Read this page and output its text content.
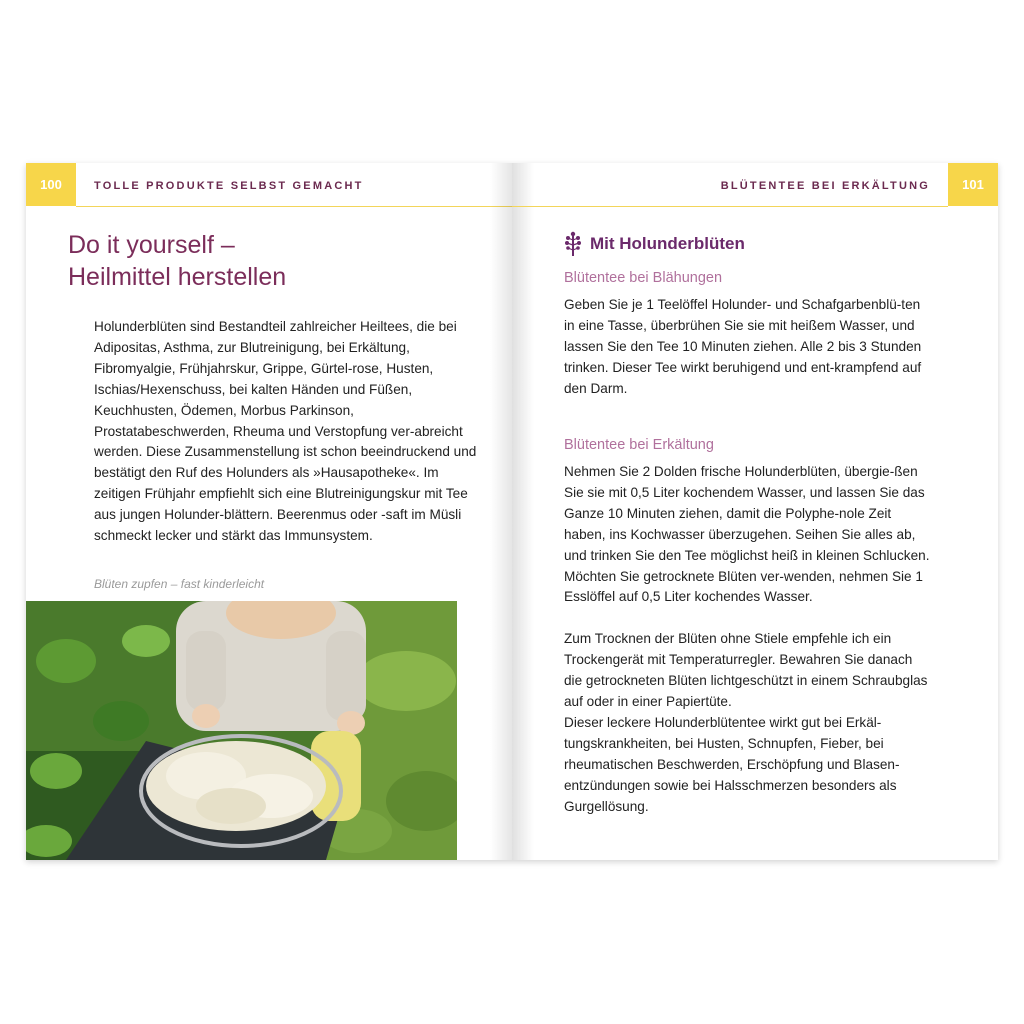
100	TOLLE PRODUKTE SELBST GEMACHT
Do it yourself –
Heilmittel herstellen

Holunderblüten sind Bestandteil zahlreicher Heiltees, die bei Adipositas, Asthma, zur Blutreinigung, bei Erkältung, Fibromyalgie, Frühjahrskur, Grippe, Gürtel-rose, Husten, Ischias/Hexenschuss, bei kalten Händen und Füßen, Keuchhusten, Ödemen, Morbus Parkinson, Prostatabeschwerden, Rheuma und Verstopfung ver-abreicht werden. Diese Zusammenstellung ist schon beeindruckend und bestätigt den Ruf des Holunders als »Hausapotheke«. Im zeitigen Frühjahr empfiehlt sich eine Blutreinigungskur mit Tee aus jungen Holunder-blättern. Beerenmus oder -saft im Müsli schmeckt lecker und stärkt das Immunsystem.

Blüten zupfen – fast kinderleicht
101
BLÜTENTEE BEI ERKÄLTUNG
Mit Holunderblüten
Blütentee bei Blähungen

Geben Sie je 1 Teelöffel Holunder- und Schafgarbenblü-ten in eine Tasse, überbrühen Sie sie mit heißem Wasser, und lassen Sie den Tee 10 Minuten ziehen. Alle 2 bis 3 Stunden trinken. Dieser Tee wirkt beruhigend und ent-krampfend auf den Darm.

Blütentee bei Erkältung

Nehmen Sie 2 Dolden frische Holunderblüten, übergie-ßen Sie sie mit 0,5 Liter kochendem Wasser, und lassen Sie das Ganze 10 Minuten ziehen, damit die Polyphe-nole Zeit haben, ins Kochwasser überzugehen. Seihen Sie alles ab, und trinken Sie den Tee möglichst heiß in kleinen Schlucken. Möchten Sie getrocknete Blüten ver-wenden, nehmen Sie 1 Esslöffel auf 0,5 Liter kochendes Wasser.

Zum Trocknen der Blüten ohne Stiele empfehle ich ein Trockengerät mit Temperaturregler. Bewahren Sie danach die getrockneten Blüten lichtgeschützt in einem Schraubglas auf oder in einer Papiertüte.

Dieser leckere Holunderblütentee wirkt gut bei Erkäl-tungskrankheiten, bei Husten, Schnupfen, Fieber, bei rheumatischen Beschwerden, Erschöpfung und Blasen-entzündungen sowie bei Halsschmerzen besonders als Gurgellösung.
